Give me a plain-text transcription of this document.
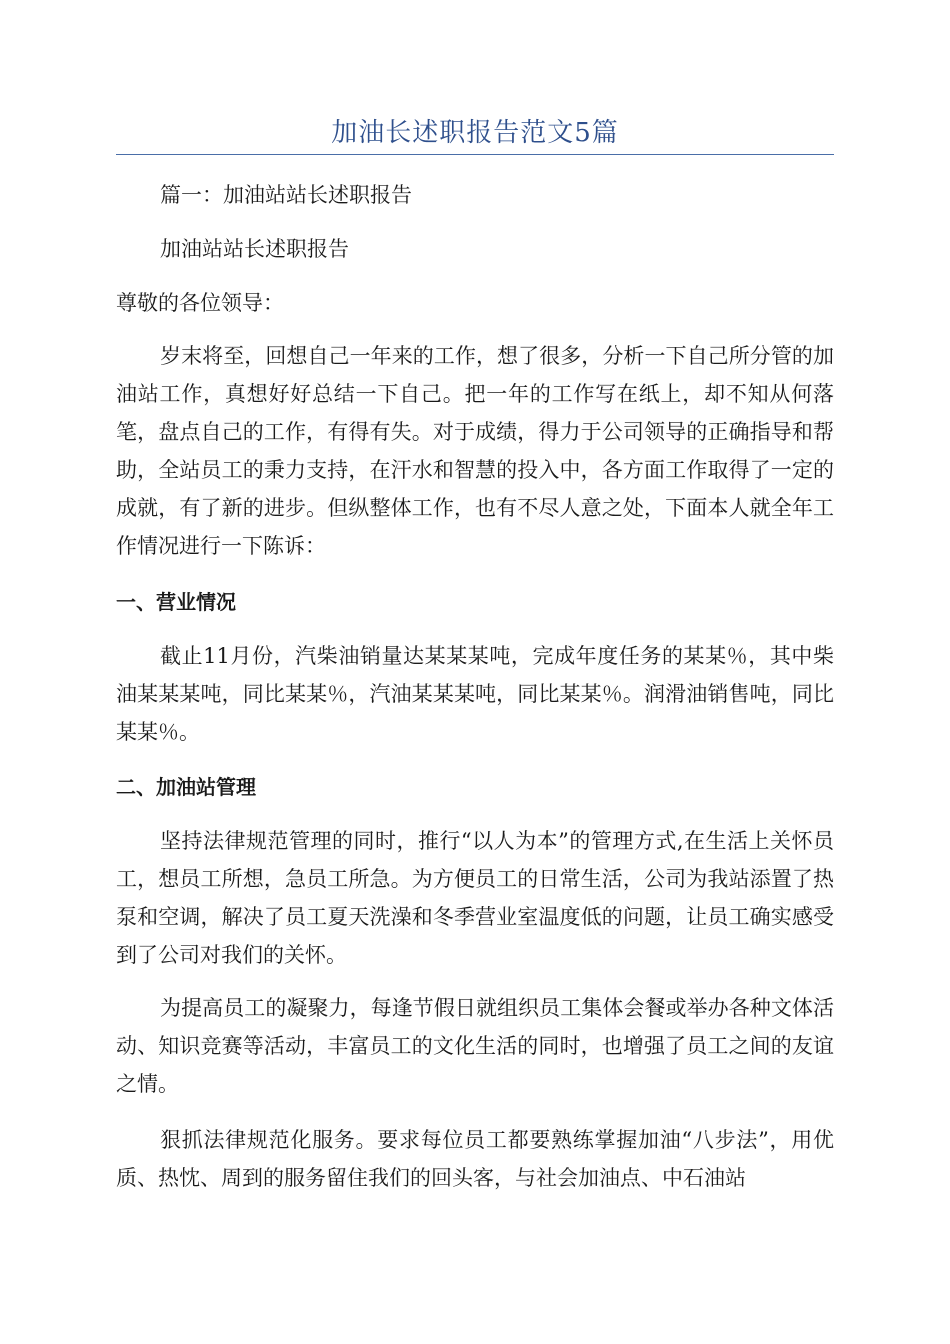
加油长述职报告范文5篇

篇一：加油站站长述职报告

加油站站长述职报告

尊敬的各位领导：

岁末将至，回想自己一年来的工作，想了很多，分析一下自己所分管的加油站工作，真想好好总结一下自己。把一年的工作写在纸上，却不知从何落笔，盘点自己的工作，有得有失。对于成绩，得力于公司领导的正确指导和帮助，全站员工的秉力支持，在汗水和智慧的投入中，各方面工作取得了一定的成就，有了新的进步。但纵整体工作，也有不尽人意之处，下面本人就全年工作情况进行一下陈诉：

一、营业情况

截止11月份，汽柴油销量达某某某吨，完成年度任务的某某％，其中柴油某某某吨，同比某某％，汽油某某某吨，同比某某％。润滑油销售吨，同比某某％。

二、加油站管理

坚持法律规范管理的同时，推行“以人为本”的管理方式,在生活上关怀员工，想员工所想，急员工所急。为方便员工的日常生活，公司为我站添置了热泵和空调，解决了员工夏天洗澡和冬季营业室温度低的问题，让员工确实感受到了公司对我们的关怀。

为提高员工的凝聚力，每逢节假日就组织员工集体会餐或举办各种文体活动、知识竞赛等活动，丰富员工的文化生活的同时，也增强了员工之间的友谊之情。

狠抓法律规范化服务。要求每位员工都要熟练掌握加油“八步法”，用优质、热忱、周到的服务留住我们的回头客，与社会加油点、中石油站
